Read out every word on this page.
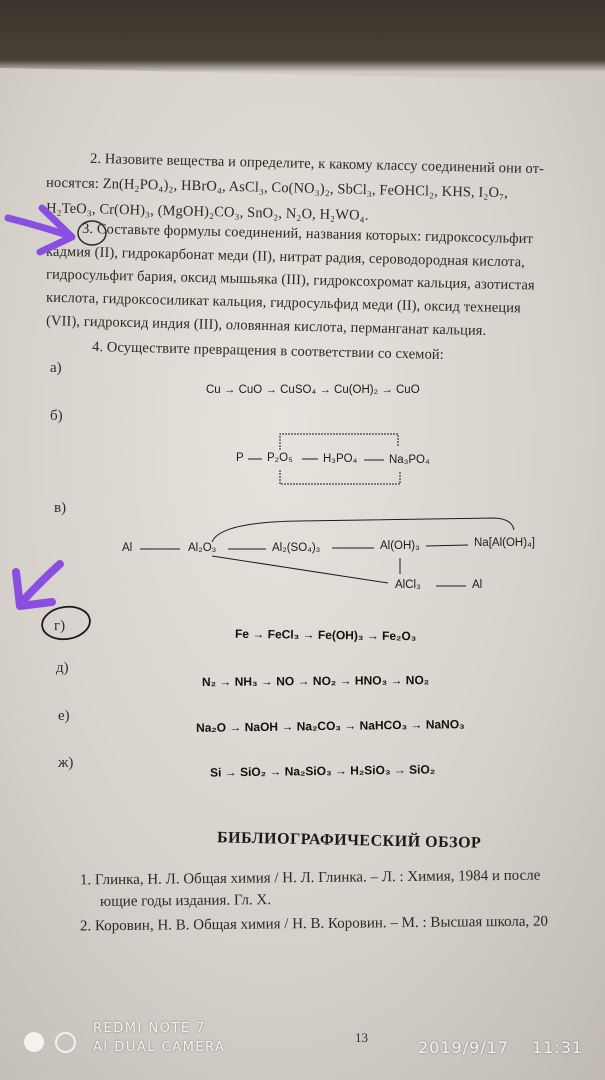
2. Назовите вещества и определите, к какому классу соединений они от-
носятся: Zn(H₂PO₄)₂, HBrO₄, AsCl₃, Co(NO₃)₂, SbCl₃, FeOHCl₂, KHS, I₂O₇,
H₂TeO₃, Cr(OH)₃, (MgOH)₂CO₃, SnO₂, N₂O, H₂WO₄.
3. Составьте формулы соединений, названия которых: гидроксосульфит
кадмия (II), гидрокарбонат меди (II), нитрат радия, сероводородная кислота,
гидросульфит бария, оксид мышьяка (III), гидроксохромат кальция, азотистая
кислота, гидроксосиликат кальция, гидросульфид меди (II), оксид технеция
(VII), гидроксид индия (III), оловянная кислота, перманганат кальция.
4. Осуществите превращения в соответствии со схемой:
а)
Cu → CuO → CuSO₄ → Cu(OH)₂ → CuO
б)
P P₂O₅	H₃PO₄	Na₃PO₄
в)
Al	Al₂O₃	Al₂(SO₄)₃	Al(OH)₃	Na[Al(OH)₄]
AlCl₃	Al
г)
Fe → FeCl₃ → Fe(OH)₃ → Fe₂O₃
д)
N₂ → NH₃ → NO → NO₂ → HNO₃ → NO₂
е)
Na₂O → NaOH → Na₂CO₃ → NaHCO₃ → NaNO₃
ж)	Si → SiO₂ → Na₂SiO₃ → H₂SiO₃ → SiO₂
БИБЛИОГРАФИЧЕСКИЙ ОБЗОР
1. Глинка, Н. Л. Общая химия / Н. Л. Глинка. – Л. : Химия, 1984 и после
ющие годы издания. Гл. X.
2. Коровин, Н. В. Общая химия / Н. В. Коровин. – М. : Высшая школа, 20
13
REDMI NOTE 7
AI DUAL CAMERA	2019/9/17 11:31
